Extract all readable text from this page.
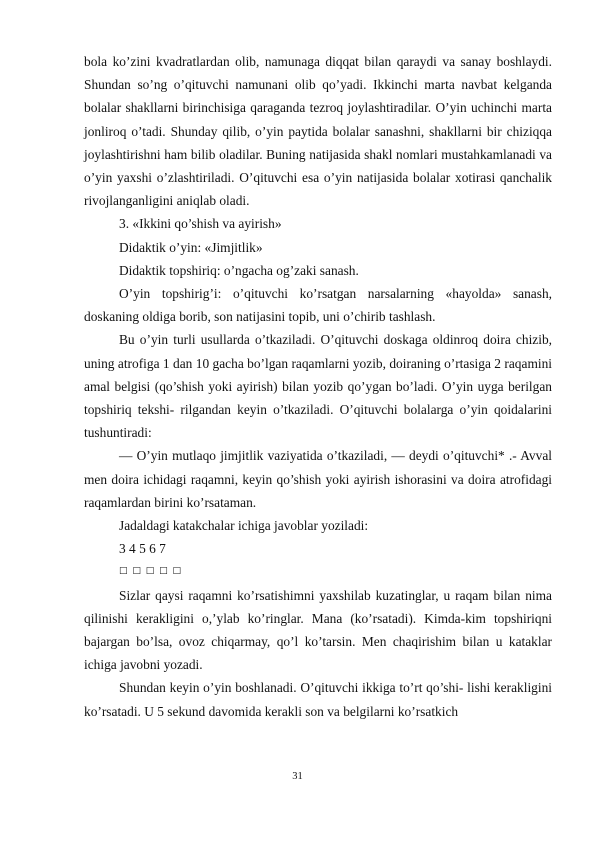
bola ko’zini kvadratlardan olib, namunaga diqqat bilan qaraydi va sanay boshlaydi. Shundan so’ng o’qituvchi namunani olib qo’yadi. Ikkinchi marta navbat kelganda bolalar shakllarni birinchisiga qaraganda tezroq joylashtiradilar. O’yin uchinchi marta jonliroq o’tadi. Shunday qilib, o’yin paytida bolalar sanashni, shakllarni bir chiziqqa joylashtirishni ham bilib oladilar. Buning natijasida shakl nomlari mustahkamlanadi va o’yin yaxshi o’zlashtiriladi. O’qituvchi esa o’yin natijasida bolalar xotirasi qanchalik rivojlanganligini aniqlab oladi.

3. «Ikkini qo’shish va ayirish»

Didaktik o’yin: «Jimjitlik»

Didaktik topshiriq: o’ngacha og’zaki sanash.

O’yin topshirig’i: o’qituvchi ko’rsatgan narsalarning «hayolda» sanash, doskaning oldiga borib, son natijasini topib, uni o’chirib tashlash.

Bu o’yin turli usullarda o’tkaziladi. O’qituvchi doskaga oldinroq doira chizib, uning atrofiga 1 dan 10 gacha bo’lgan raqamlarni yozib, doiraning o’rtasiga 2 raqamini amal belgisi (qo’shish yoki ayirish) bilan yozib qo’ygan bo’ladi. O’yin uyga berilgan topshiriq tekshi- rilgandan keyin o’tkaziladi. O’qituvchi bolalarga o’yin qoidalarini tushuntiradi:

— O’yin mutlaqo jimjitlik vaziyatida o’tkaziladi, — deydi o’qituvchi* .- Avval men doira ichidagi raqamni, keyin qo’shish yoki ayirish ishorasini va doira atrofidagi raqamlardan birini ko’rsataman.

Jadaldagi katakchalar ichiga javoblar yoziladi:

3 4 5 6 7

□ □ □ □ □

Sizlar qaysi raqamni ko’rsatishimni yaxshilab kuzatinglar, u raqam bilan nima qilinishi kerakligini o,’ylab ko’ringlar. Mana (ko’rsatadi). Kimda-kim topshiriqni bajargan bo’lsa, ovoz chiqarmay, qo’l ko’tarsin. Men chaqirishim bilan u kataklar ichiga javobni yozadi.

Shundan keyin o’yin boshlanadi. O’qituvchi ikkiga to’rt qo’shi- lishi kerakligini ko’rsatadi. U 5 sekund davomida kerakli son va belgilarni ko’rsatkich

31
